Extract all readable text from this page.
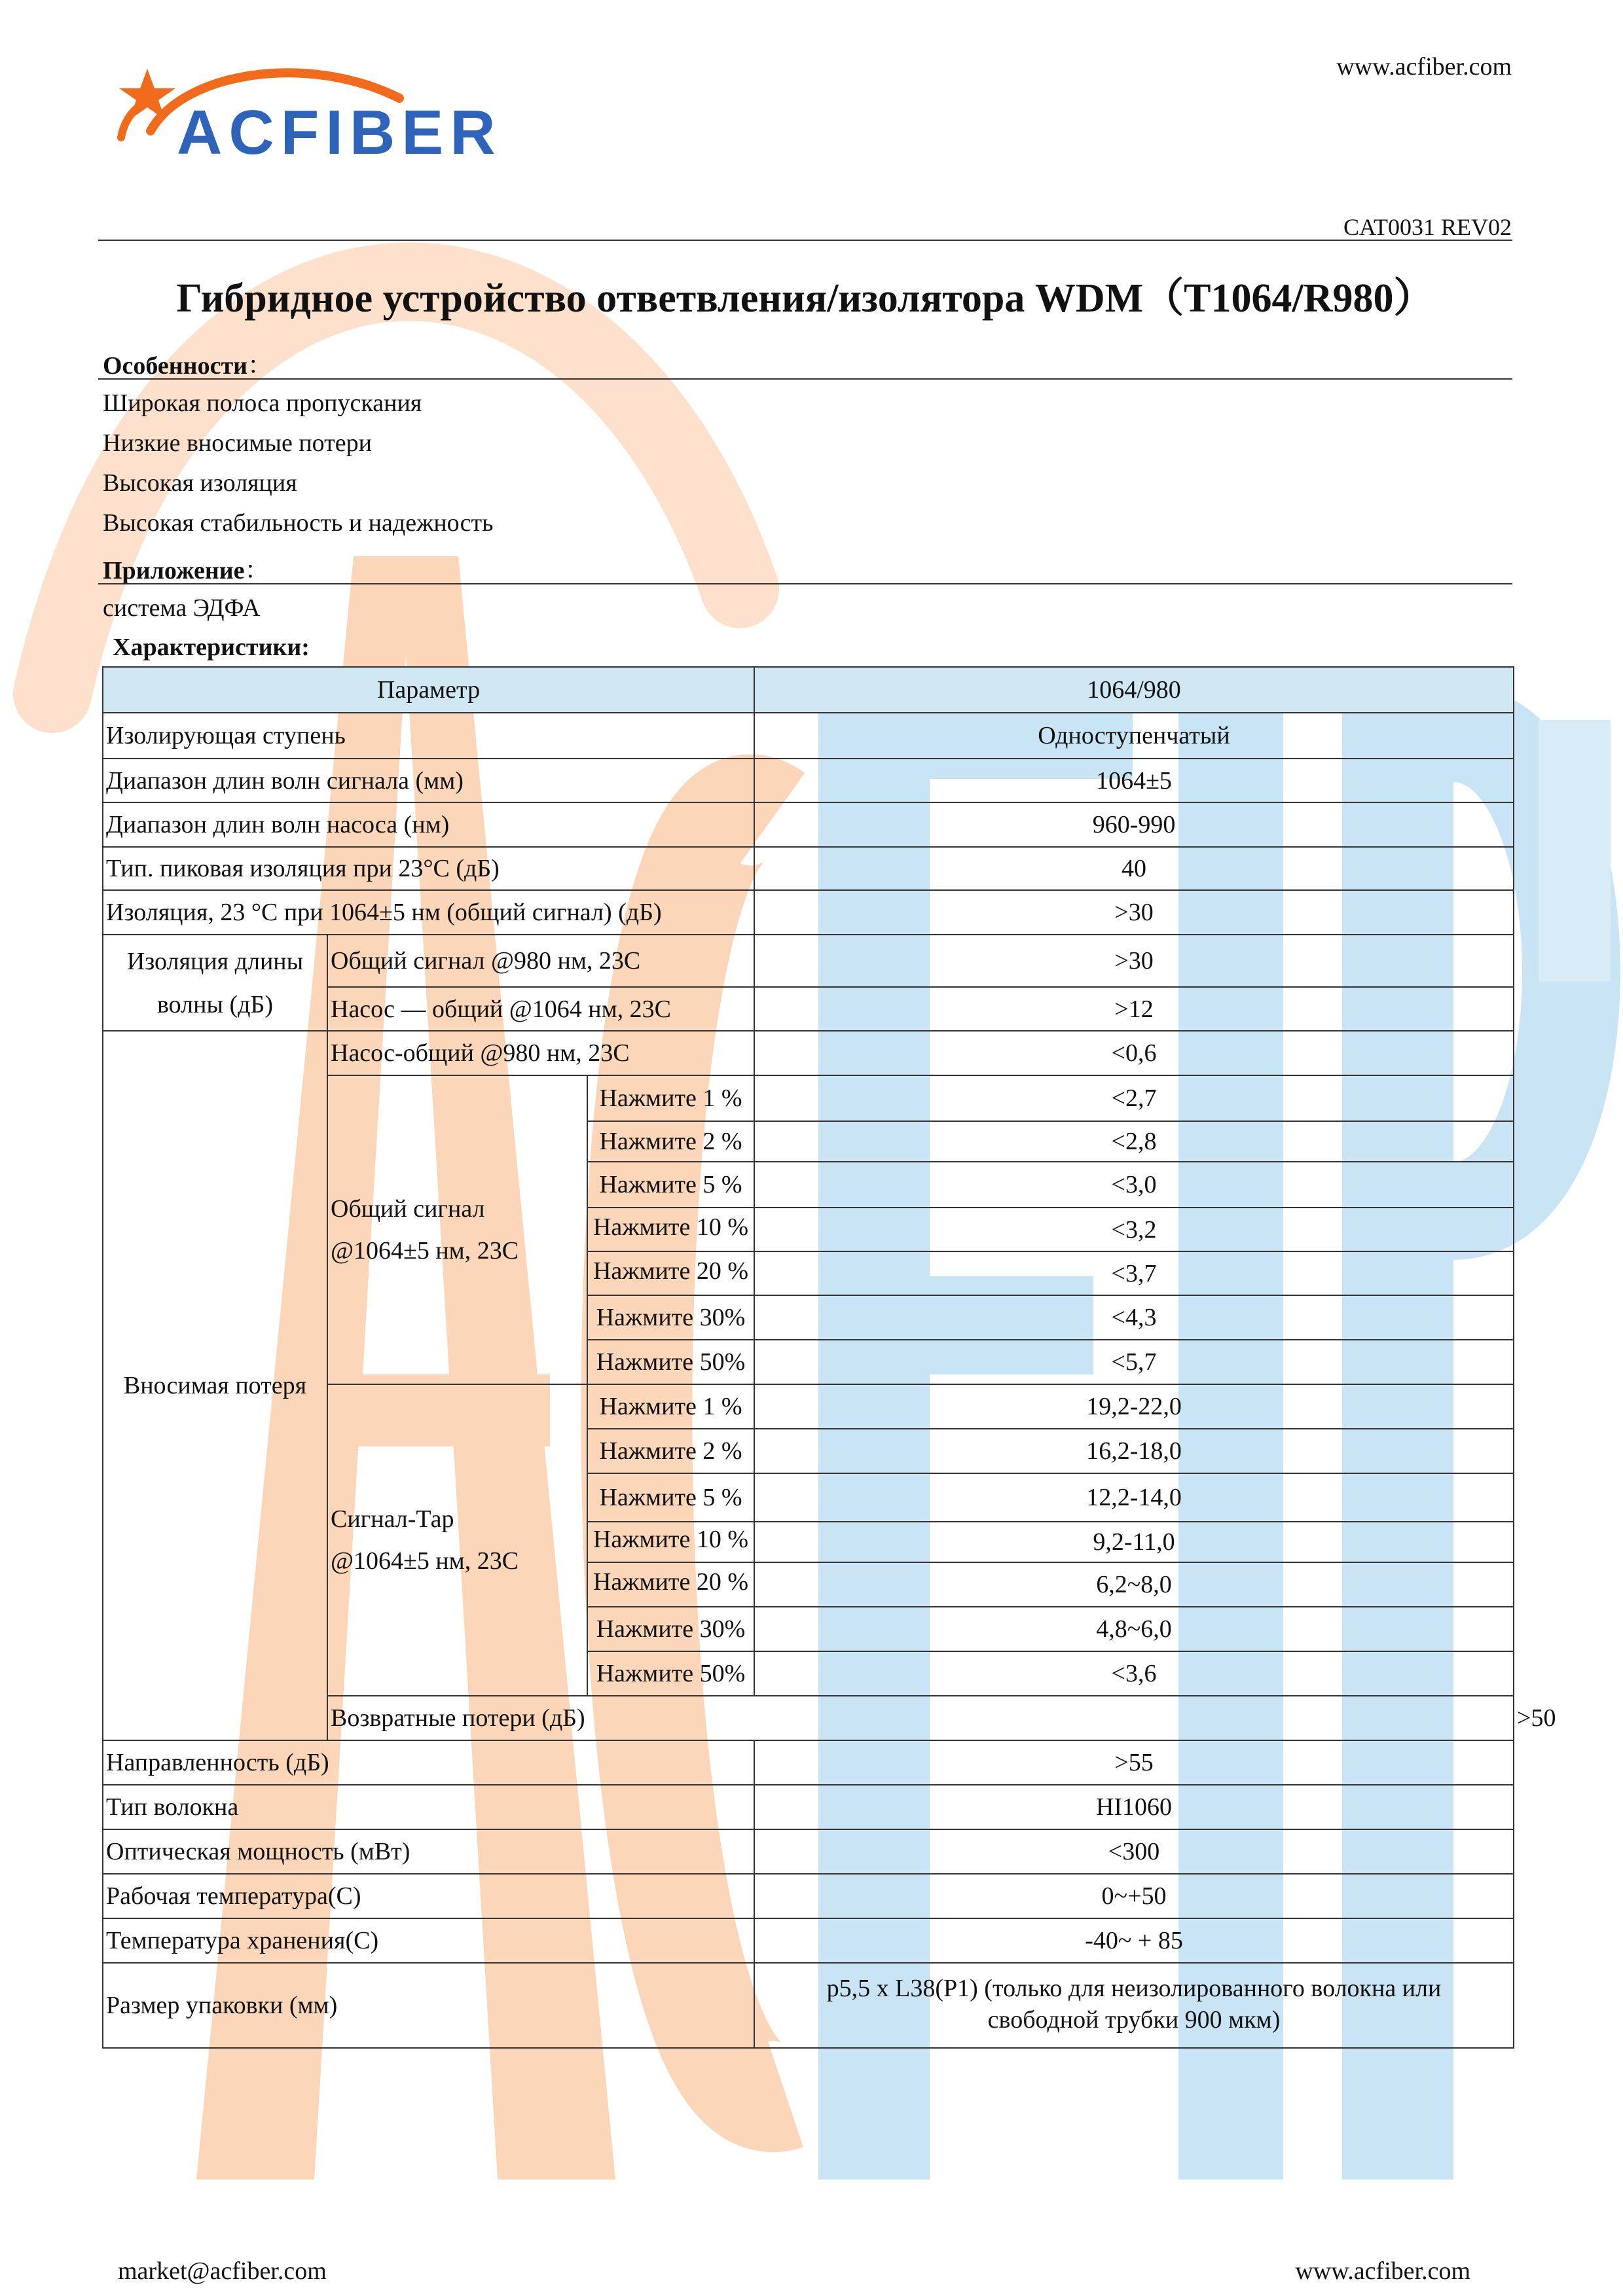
ACFIBER
www.acfiber.com
CAT0031 REV02
Гибридное устройство ответвления/изолятора WDM（T1064/R980）
Особенности：
Широкая полоса пропускания
Низкие вносимые потери
Высокая изоляция
Высокая стабильность и надежность
Приложение：
система ЭДФА
Характеристики:
Параметр			1064/980	
Изолирующая ступень			Одноступенчатый	
Диапазон длин волн сигнала (мм)			1064±5	
Диапазон длин волн насоса (нм)			960-990	
Тип. пиковая изоляция при 23°C (дБ)			40	
Изоляция, 23 °C при 1064±5 нм (общий сигнал) (дБ)			>30	
Изоляция длины волны (дБ)	Общий сигнал @980 нм, 23C		>30	
	Насос — общий @1064 нм, 23C		>12	
Вносимая потеря	Насос-общий @980 нм, 23C		<0,6	
	Общий сигнал
@1064±5 нм, 23C	Нажмите 1 %	<2,7	
		Нажмите 2 %	<2,8	
		Нажмите 5 %	<3,0	

		Нажмите 10 %	<3,2	

		Нажмите 20 %	<3,7	
		Нажмите 30%	<4,3	
		Нажмите 50%	<5,7	
	Сигнал-Тар
@1064±5 нм, 23C	Нажмите 1 %	19,2-22,0	
		Нажмите 2 %	16,2-18,0	
		Нажмите 5 %	12,2-14,0	

		Нажмите 10 %	9,2-11,0	

		Нажмите 20 %	6,2~8,0	
		Нажмите 30%	4,8~6,0	
		Нажмите 50%	<3,6	
	Возвратные потери (дБ)			>50
Направленность (дБ)			>55	
Тип волокна			HI1060	
Оптическая мощность (мВт)			<300	
Рабочая температура(C)			0~+50	
Температура хранения(C)			-40~ + 85	
Размер упаковки (мм)			p5,5 x L38(P1) (только для неизолированного волокна или
свободной трубки 900 мкм)	
market@acfiber.com	www.acfiber.com
